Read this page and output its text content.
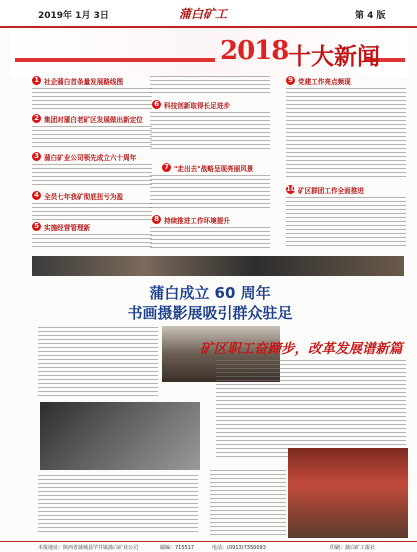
2019年 1月 3日	蒲白矿工	第 4 版
2018 十大新闻
1 社企蒲白首条量发展路线图
2 集团对蒲白老矿区发展做出新定位
3 蒲白矿业公司领先成立六十周年
4 全员七年我矿彻底扭亏为盈
5 实施经营管理新
6 科技创新取得长足进步
7 "走出去"战略呈现亮丽风景
8 持续推进工作环境提升
9 党建工作亮点频现
10 矿区群团工作全面推进
蒲白成立 60 周年
书画摄影展吸引群众驻足
矿区职工奋蹄步，改革发展谱新篇
本报地址：陕西省蒲城县罕井镇蒲白矿业公司	邮编：715517	电话：(0913)7350093	印刷：蒲白矿工报社
